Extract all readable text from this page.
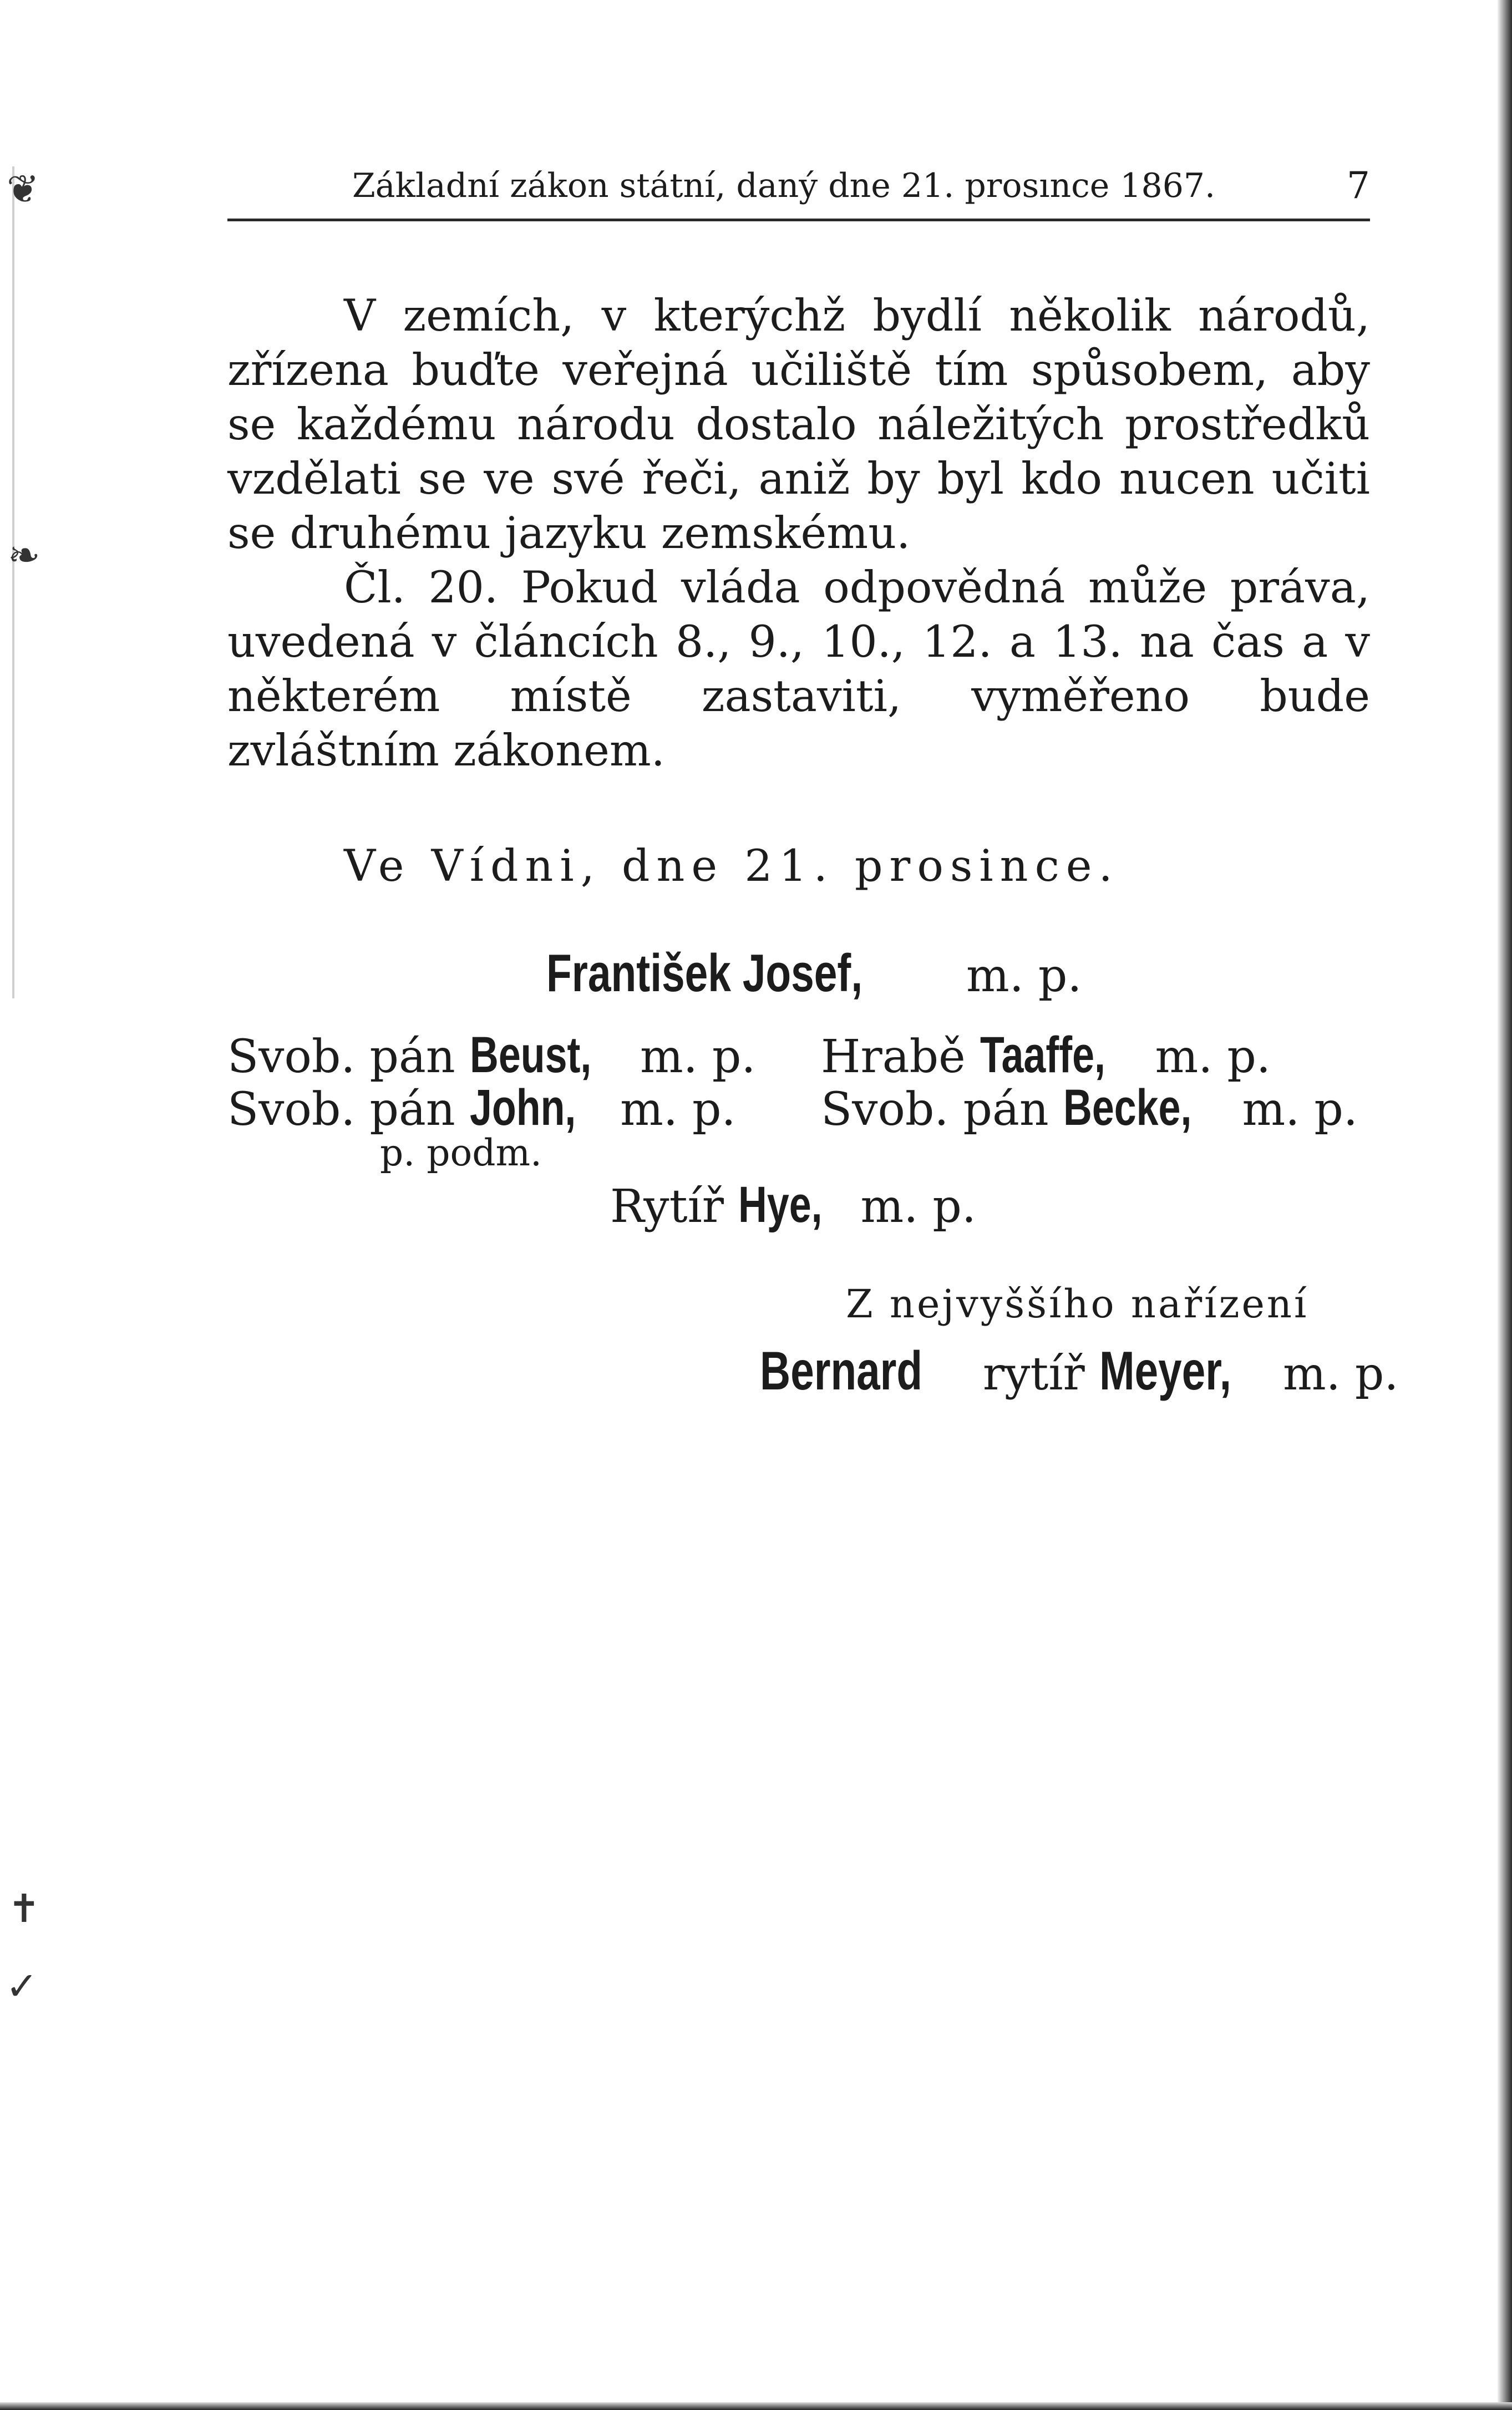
❦
❧
✝
✓
Základní zákon státní, daný dne 21. prosınce 1867.	7

V zemích, v kterýchž bydlí několik národů, zřízena buďte veřejná učiliště tím spůsobem, aby se každému národu dostalo náležitých prostředků vzdělati se ve své řeči, aniž by byl kdo nucen učiti se druhému jazyku zemskému.

Čl. 20. Pokud vláda odpovědná může práva, uvedená v článcích 8., 9., 10., 12. a 13. na čas a v některém místě zastaviti, vyměřeno bude zvláštním zákonem.

Ve Vídni, dne 21. prosince.
František Josef, m. p.
Svob. pán Beust, m. p. Hrabě Taaffe, m. p.
Svob. pán John, m. p. Svob. pán Becke, m. p.
p. podm.
Rytíř Hye, m. p.
Z nejvyššího nařízení
Bernard rytíř Meyer, m. p.
